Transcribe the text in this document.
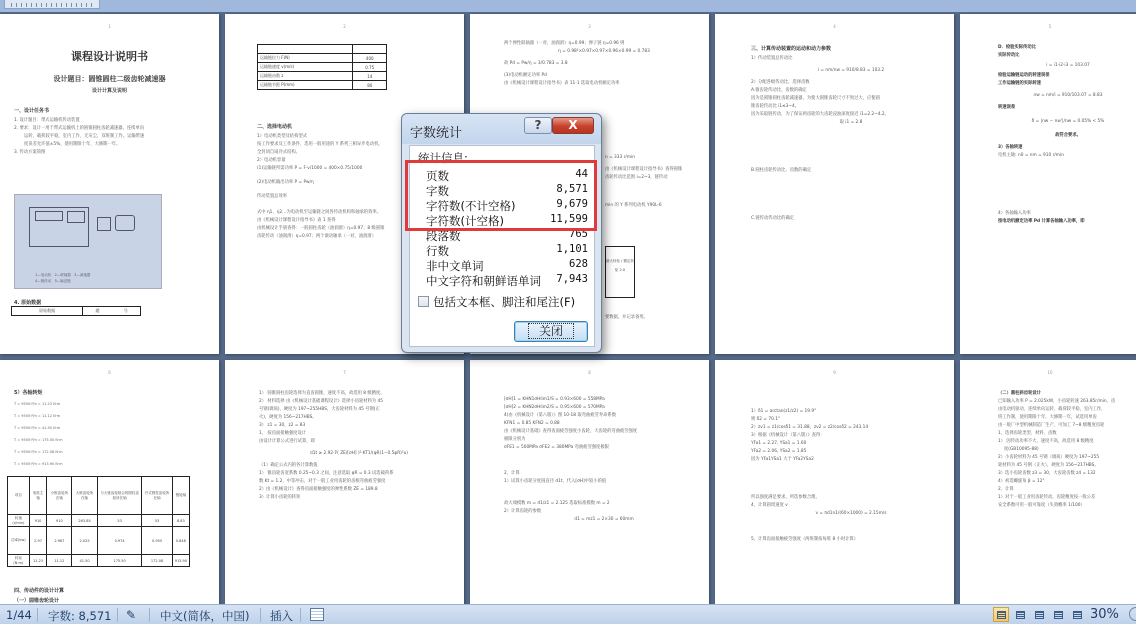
1
课程设计说明书
设计题目：圆锥圆柱二级齿轮减速器
设计计算及说明
一、设计任务书
1. 设计题目：带式运输机传动装置
2. 要求：设计一用于带式运输机上的圆锥圆柱齿轮减速器。连续单向
运转，载荷较平稳，室内工作，无灰尘，双班制工作。运输带速
度误差允许值±5%，使用期限十年，大修期一年。
3. 传动方案简图
1—电动机 2—联轴器 3—减速器
4—链传动 5—输送链
4. 原始数据
原始数据	题	号
2

运输链拉力 F(N)	400
运输链速度 v(m/s)	0.75
运输链齿数 z	14
运输链节距 P(mm)	80
二、选择电动机
1）电动机类型及结构型式
按工作要求及工作条件，选用一般用途的 Y 系列三相异步电动机，
全封闭自扇冷式结构。
2）电动机容量
(1)运输链所需功率 P = F·v/1000 = 400×0.75/1000
(2)电动机输出功率 P = Pw/η
传动装置总效率
式中 η1、η2…为电动机至运输链之间各传动机构和轴承的效率。
由《机械设计课程设计指导书》表 1 查得
由机械设计手册查得：一般圆柱齿轮（油润滑）η=0.97；8 级圆锥
齿轮传动（油润滑）η=0.97；两个滚动轴承（一对，油润滑）
3
两个弹性联轴器（一对，油润滑）η=0.99；弹子链 η=0.96 则
η = 0.98²×0.97×0.97×0.96×0.99 = 0.783
故 Pd = Pw/η = 3/0.783 = 3.8
(3)电动机额定功率 Pd
由《机械设计课程设计指导书》表 11-1 选取电动机额定功率
n = 333 r/min
由《机械设计课程设计指导书》查得圆锥
齿轮传动比范围 i=2~3，链传动
min 的 Y 系列电动机 Y90L-6
最大转矩 / 额定转矩 2.0
要数据，并记录备用。
4
三、计算传动装置的运动和动力参数
1）传动装置总传动比
i = nm/nw = 910/8.83 = 103.2
2）分配各级传动比，选择齿数
A.锥齿轮传动比、齿数的确定
因为是圆锥圆柱齿轮减速器，为使大圆锥齿轮尺寸不致过大，应使圆
锥齿轮传动比 i1≤3~4。
因为采取链传动，为了保证两齿轮的大齿轮浸油深度接近 i1=2.2~4.2。
取 i1 = 2.8
B.圆柱齿轮传动比、齿数的确定
C.链传动传动比的确定
5
D．检验实际传动比
实际传动比
i = i1·i2·i3 = 103.07
检验运输链运动的转速误差
工作运输链的实际转速
nw = nm/i = 910/103.07 = 8.83
转速误差
δ = |nw − nw'|/nw = 0.05% < 5%
故符合要求。
3）各轴转速
电机主轴: n0 = nm = 910 r/min
4）各轴输入功率
按电动机额定功率 Pd 计算各轴输入功率，即
6
5）各轴转矩
T = 9550·P/n = 11.23 N·m
T = 9550·P/n = 11.12 N·m
T = 9550·P/n = 41.50 N·m
T = 9550·P/n = 175.50 N·m
T = 9550·P/n = 172.08 N·m
T = 9550·P/n = 913.90 N·m
项目	电机主轴	小锥齿轮所在轴	大锥齿轮所在轴	与大锥齿轮啮合的圆柱齿轮所在轴	开式圆柱齿轮所在轴	链轮轴
转速(r/min)	910	910	263.85	53	53	8.83
功率(kw)	2.97	2.967	2.025	0.974	0.955	0.848
转矩(N·m)	11.23	11.12	41.50	175.50	172.08	913.90
四、传动件的设计计算
（一）圆锥齿轮设计
7
1） 圆锥圆柱齿轮选择为直齿圆锥，速度不高，故选用 8 级精度。
2） 材料选择 由《机械设计基础课程设计》选择小齿轮材料为 45
号钢(调质)，硬度为 197~255HBS，大齿轮材料为 45 号钢(正
火)，硬度为 156~217HBS。
3） z1 = 30，z2 = 83
1、 按齿面接触强度设计
由设计计算公式进行试算，即
d1t ≥ 2.92·∛( ZE/[σH] )²·KT1/(φR(1−0.5φR)²u)
（1）确定公式内的各计算数值
1） 锥齿轮齿宽系数 0.25~0.3 之间，注意选取 φR = 0.3 试选载荷系
数 Kt = 1.2，中等冲击，对于一般工业用齿轮的齿根弯曲疲劳强度
2）由《机械设计》查得齿面接触强度的弹性系数 ZE = 189.8
3）计算小齿轮的转矩
8
[σH]1 = KHN1σHlim1/S = 0.93×600 = 558MPa
[σH]2 = KHN2σHlim2/S = 0.95×600 = 570MPa
4)由《机械设计（第八版）》图 10-18 取弯曲疲劳寿命系数
KFN1 = 0.85 KFN2 = 0.88
由《机械设计基础》查得齿面疲劳强度小齿轮，大齿轮的弯曲疲劳强度
极限分别为
σFE1 = 500MPa σFE2 = 380MPa 弯曲疲劳强度极限
2、计算
1）试算小齿轮分度圆直径 d1t，代入[σH]中较小的值
故大端模数 m = d1/z1 = 2.125 选取标准模数 m = 2
2）计算齿轮的参数
d1 = mz1 = 2×30 = 60mm
9
1）δ1 = arctan(z1/z2) = 19.9°
则 δ2 = 70.1°
2）zv1 = z1/cosδ1 = 31.88，zv2 = z2/cosδ2 = 243.14
3）根据《机械设计（第八版）》查得：
YFa1 = 2.27, YSa1 = 1.60
YFa2 = 2.06, YSa2 = 1.85
因为 YFa1YSa1 大于 YFa2YSa2
所以强度满足要求，所选参数合理。
4、计算圆周速度 v
v = πd1n1/(60×1000) = 2.15m/s
5、计算齿面接触疲劳强度（两班制按每班 8 小时计算）
10
（二）圆柱斜齿轮设计
已知输入功率 P = 2.025kW，小齿轮转速 263.85r/min，齿
由电动机驱动，连续单向运转，载荷较平稳，室内工作，
班工作制，使用期限十年，大修期一年，试选用单齿
由一般厂中型机械制造厂生产，可加工 7~8 级精度齿轮
1、选择齿轮类型、材料、齿数
1） 因传动功率不大，速度不高，故选用 8 级精度
度(GB10095-88)
2）小齿轮材料为 45 号钢（调质）硬度为 197~255
轮材料为 45 号钢（正火），硬度为 156~217HBS。
3）选小齿轮齿数 z3 = 30，大齿轮齿数 z4 = 132
4）初选螺旋角 β = 12°
2、计算
1）对于一般工业用齿轮传动，齿轮精度按一般公差
安全系数可用一般可靠度（失效概率 1/100）
字数统计
?	X
统计信息:
页数	44
字数	8,571
字符数(不计空格)	9,679
字符数(计空格)	11,599
段落数	765
行数	1,101
非中文单词	628
中文字符和朝鲜语单词 7,943
包括文本框、脚注和尾注(F)
关闭
1/44 字数: 8,571 ✎ 中文(简体，中国) 插入	30%
